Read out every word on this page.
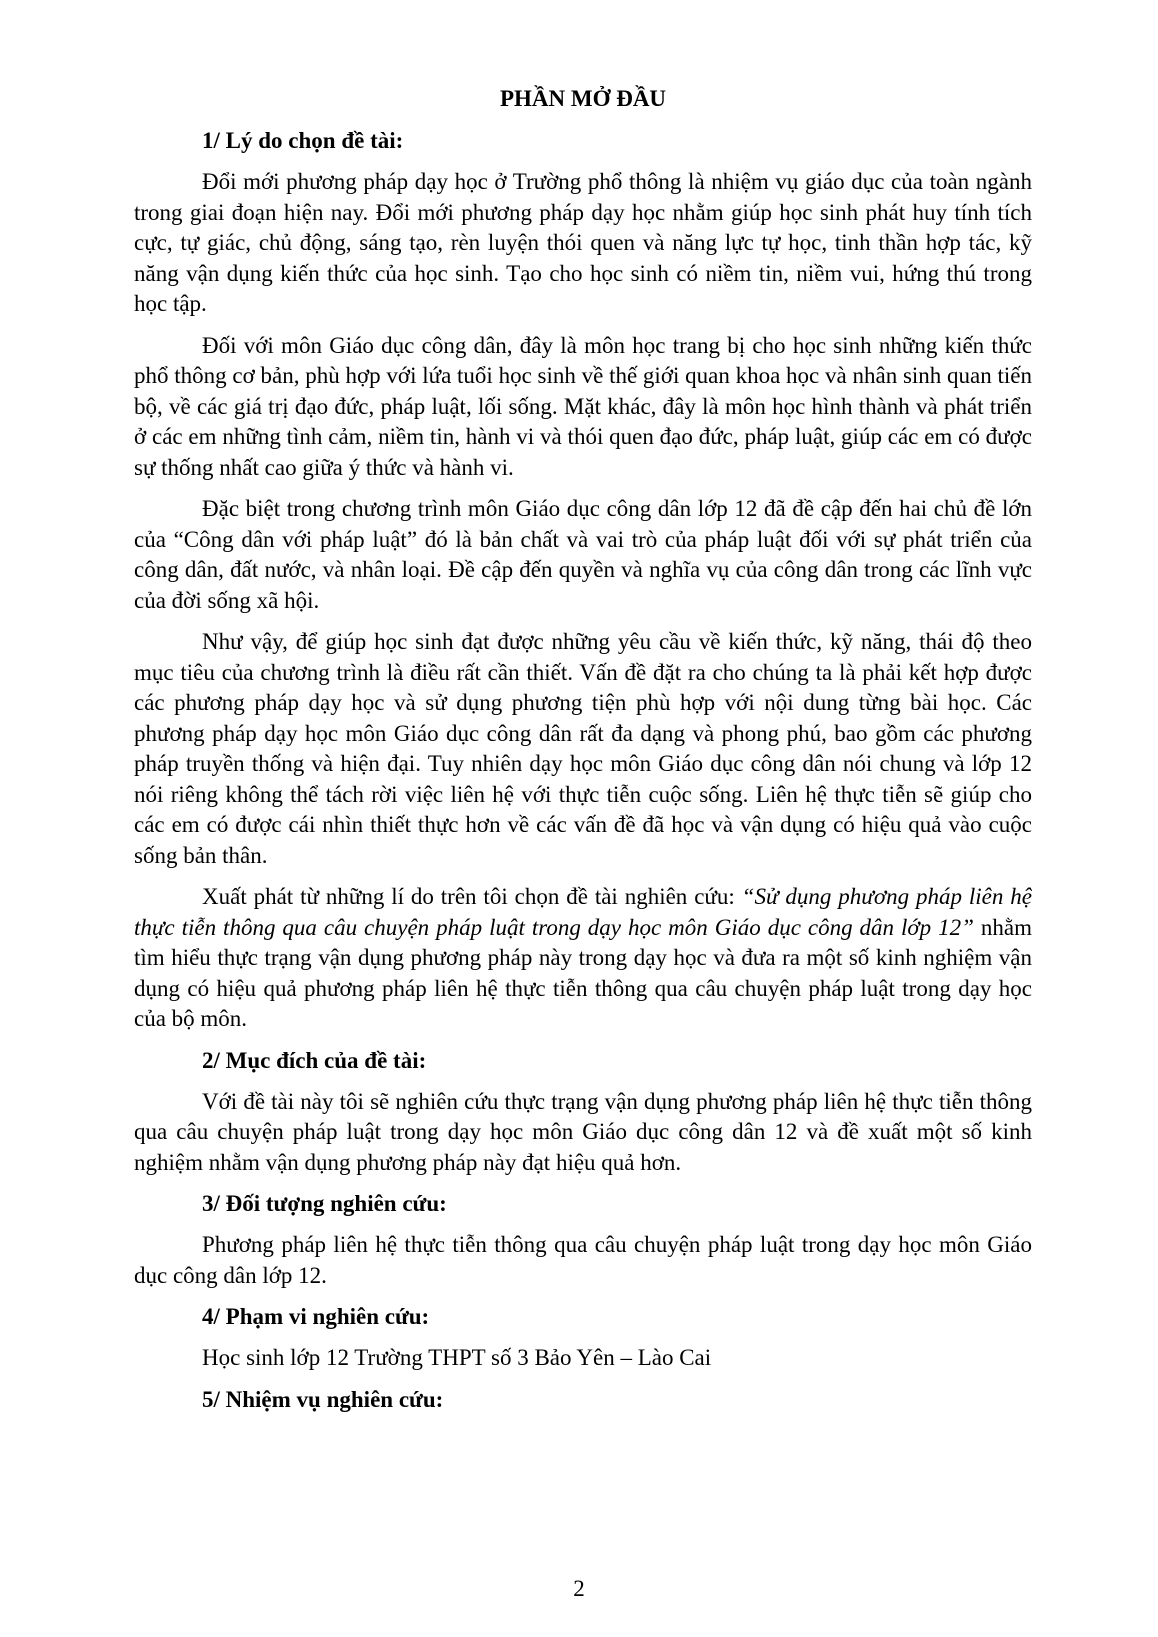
PHẦN MỞ ĐẦU
1/ Lý do chọn đề tài:

Đổi mới phương pháp dạy học ở Trường phổ thông là nhiệm vụ giáo dục của toàn ngành trong giai đoạn hiện nay. Đổi mới phương pháp dạy học nhằm giúp học sinh phát huy tính tích cực, tự giác, chủ động, sáng tạo, rèn luyện thói quen và năng lực tự học, tinh thần hợp tác, kỹ năng vận dụng kiến thức của học sinh. Tạo cho học sinh có niềm tin, niềm vui, hứng thú trong học tập.

Đối với môn Giáo dục công dân, đây là môn học trang bị cho học sinh những kiến thức phổ thông cơ bản, phù hợp với lứa tuổi học sinh về thế giới quan khoa học và nhân sinh quan tiến bộ, về các giá trị đạo đức, pháp luật, lối sống. Mặt khác, đây là môn học hình thành và phát triển ở các em những tình cảm, niềm tin, hành vi và thói quen đạo đức, pháp luật, giúp các em có được sự thống nhất cao giữa ý thức và hành vi.

Đặc biệt trong chương trình môn Giáo dục công dân lớp 12 đã đề cập đến hai chủ đề lớn của “Công dân với pháp luật” đó là bản chất và vai trò của pháp luật đối với sự phát triển của công dân, đất nước, và nhân loại. Đề cập đến quyền và nghĩa vụ của công dân trong các lĩnh vực của đời sống xã hội.

Như vậy, để giúp học sinh đạt được những yêu cầu về kiến thức, kỹ năng, thái độ theo mục tiêu của chương trình là điều rất cần thiết. Vấn đề đặt ra cho chúng ta là phải kết hợp được các phương pháp dạy học và sử dụng phương tiện phù hợp với nội dung từng bài học. Các phương pháp dạy học môn Giáo dục công dân rất đa dạng và phong phú, bao gồm các phương pháp truyền thống và hiện đại. Tuy nhiên dạy học môn Giáo dục công dân nói chung và lớp 12 nói riêng không thể tách rời việc liên hệ với thực tiễn cuộc sống. Liên hệ thực tiễn sẽ giúp cho các em có được cái nhìn thiết thực hơn về các vấn đề đã học và vận dụng có hiệu quả vào cuộc sống bản thân.

Xuất phát từ những lí do trên tôi chọn đề tài nghiên cứu: “Sử dụng phương pháp liên hệ thực tiễn thông qua câu chuyện pháp luật trong dạy học môn Giáo dục công dân lớp 12” nhằm tìm hiểu thực trạng vận dụng phương pháp này trong dạy học và đưa ra một số kinh nghiệm vận dụng có hiệu quả phương pháp liên hệ thực tiễn thông qua câu chuyện pháp luật trong dạy học của bộ môn.

2/ Mục đích của đề tài:

Với đề tài này tôi sẽ nghiên cứu thực trạng vận dụng phương pháp liên hệ thực tiễn thông qua câu chuyện pháp luật trong dạy học môn Giáo dục công dân 12 và đề xuất một số kinh nghiệm nhằm vận dụng phương pháp này đạt hiệu quả hơn.

3/ Đối tượng nghiên cứu:

Phương pháp liên hệ thực tiễn thông qua câu chuyện pháp luật trong dạy học môn Giáo dục công dân lớp 12.

4/ Phạm vi nghiên cứu:

Học sinh lớp 12 Trường THPT số 3 Bảo Yên – Lào Cai

5/ Nhiệm vụ nghiên cứu:
2
